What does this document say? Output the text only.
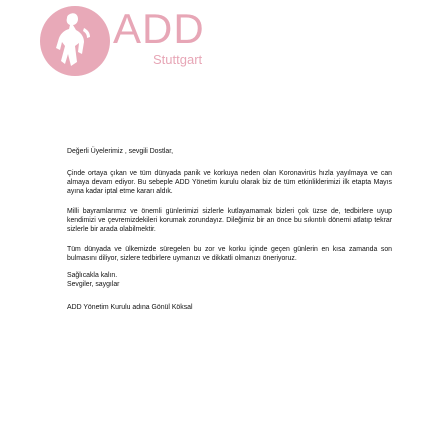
ADD
Stuttgart

Değerli Üyelerimiz , sevgili Dostlar,

Çinde ortaya çıkan ve tüm dünyada panik ve korkuya neden olan Koronavirüs hızla yayılmaya ve can almaya devam ediyor. Bu sebeple ADD Yönetim kurulu olarak biz de tüm etkinliklerimizi ilk etapta Mayıs ayına kadar iptal etme kararı aldık.

Milli bayramlarımız ve önemli günlerimizi sizlerle kutlayamamak bizleri çok üzse de, tedbirlere uyup kendimizi ve çevremizdekileri korumak zorundayız. Dileğimiz bir an önce bu sıkıntılı dönemi atlatıp tekrar sizlerle bir arada olabilmektir.

Tüm dünyada ve ülkemizde süregelen bu zor ve korku içinde geçen günlerin en kısa zamanda son bulmasını diliyor, sizlere tedbirlere uymanızı ve dikkatli olmanızı öneriyoruz.

Sağlıcakla kalın.

Sevgiler, saygılar

ADD Yönetim Kurulu adına Gönül Köksal
